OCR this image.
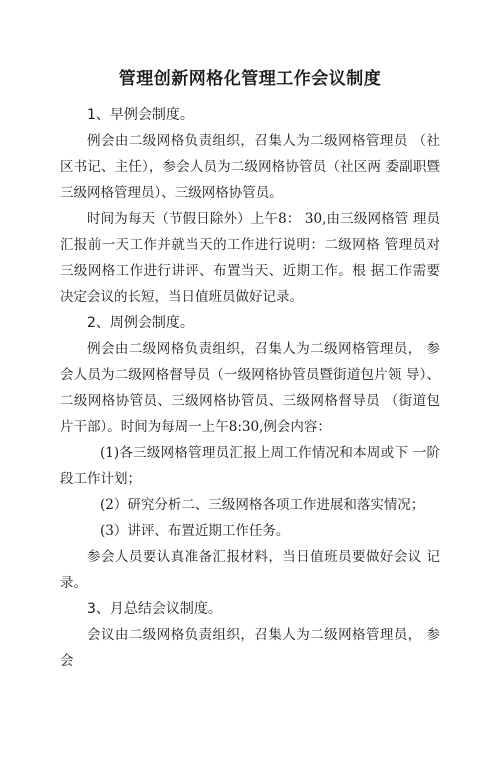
管理创新网格化管理工作会议制度

1、早例会制度。

例会由二级网格负责组织，召集人为二级网格管理员 （社区书记、主任），参会人员为二级网格协管员（社区两 委副职暨三级网格管理员）、三级网格协管员。

时间为每天（节假日除外）上午8： 30,由三级网格管 理员汇报前一天工作并就当天的工作进行说明：二级网格 管理员对三级网格工作进行讲评、布置当天、近期工作。根 据工作需要决定会议的长短，当日值班员做好记录。

2、周例会制度。

例会由二级网格负责组织，召集人为二级网格管理员， 参会人员为二级网格督导员（一级网格协管员暨街道包片领 导）、二级网格协管员、三级网格协管员、三级网格督导员 （街道包片干部）。时间为每周一上午8:30,例会内容：

(1)各三级网格管理员汇报上周工作情况和本周或下 一阶段工作计划；

(2）研究分析二、三级网格各项工作进展和落实情况；

(3）讲评、布置近期工作任务。

参会人员要认真准备汇报材料，当日值班员要做好会议 记录。

3、月总结会议制度。

会议由二级网格负责组织，召集人为二级网格管理员， 参会
